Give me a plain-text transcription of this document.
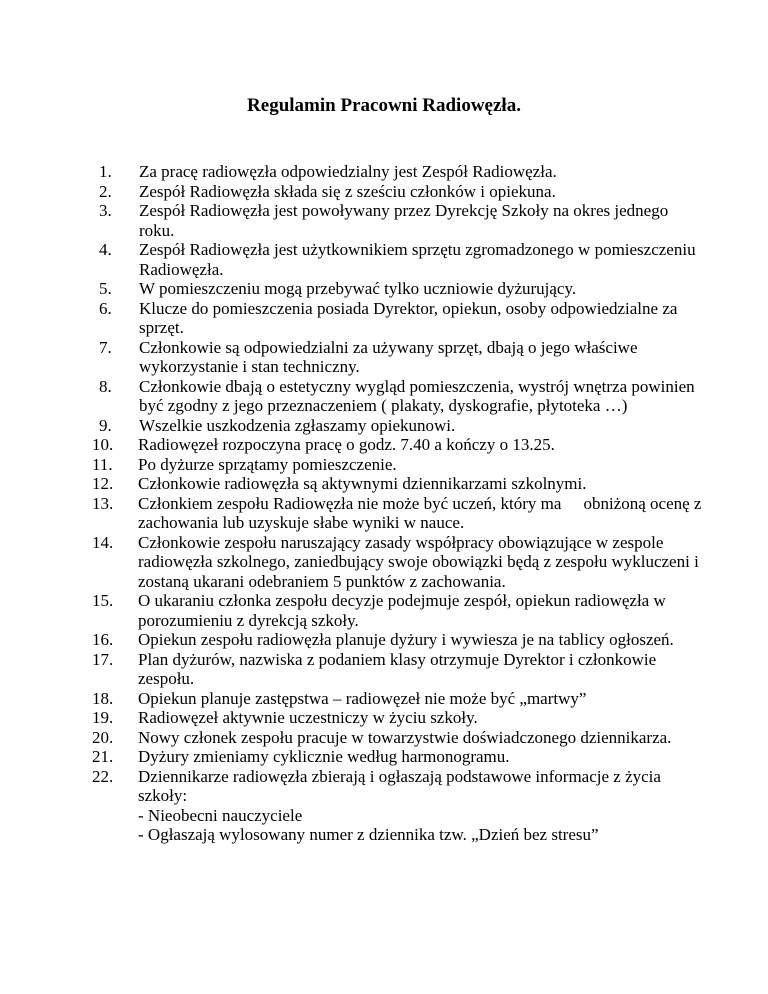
Regulamin Pracowni Radiowęzła.
1. Za pracę radiowęzła odpowiedzialny jest Zespół Radiowęzła.
2. Zespół Radiowęzła składa się z sześciu członków i opiekuna.
3. Zespół Radiowęzła jest powoływany przez Dyrekcję Szkoły na okres jednego roku.
4. Zespół Radiowęzła jest użytkownikiem sprzętu zgromadzonego w pomieszczeniu Radiowęzła.
5. W pomieszczeniu mogą przebywać tylko uczniowie dyżurujący.
6. Klucze do pomieszczenia posiada Dyrektor, opiekun, osoby odpowiedzialne za sprzęt.
7. Członkowie są odpowiedzialni za używany sprzęt, dbają o jego właściwe wykorzystanie i stan techniczny.
8. Członkowie dbają o estetyczny wygląd pomieszczenia, wystrój wnętrza powinien być zgodny z jego przeznaczeniem ( plakaty, dyskografie, płytoteka …)
9. Wszelkie uszkodzenia zgłaszamy opiekunowi.
10. Radiowęzeł rozpoczyna pracę o godz. 7.40 a kończy o 13.25.
11. Po dyżurze sprzątamy pomieszczenie.
12. Członkowie radiowęzła są aktywnymi dziennikarzami szkolnymi.
13. Członkiem zespołu Radiowęzła nie może być uczeń, który ma obniżoną ocenę z zachowania lub uzyskuje słabe wyniki w nauce.
14. Członkowie zespołu naruszający zasady współpracy obowiązujące w zespole radiowęzła szkolnego, zaniedbujący swoje obowiązki będą z zespołu wykluczeni i zostaną ukarani odebraniem 5 punktów z zachowania.
15. O ukaraniu członka zespołu decyzje podejmuje zespół, opiekun radiowęzła w porozumieniu z dyrekcją szkoły.
16. Opiekun zespołu radiowęzła planuje dyżury i wywiesza je na tablicy ogłoszeń.
17. Plan dyżurów, nazwiska z podaniem klasy otrzymuje Dyrektor i członkowie zespołu.
18. Opiekun planuje zastępstwa – radiowęzeł nie może być „martwy”
19. Radiowęzeł aktywnie uczestniczy w życiu szkoły.
20. Nowy członek zespołu pracuje w towarzystwie doświadczonego dziennikarza.
21. Dyżury zmieniamy cyklicznie według harmonogramu.
22. Dziennikarze radiowęzła zbierają i ogłaszają podstawowe informacje z życia szkoły:
- Nieobecni nauczyciele
- Ogłaszają wylosowany numer z dziennika tzw. „Dzień bez stresu”
